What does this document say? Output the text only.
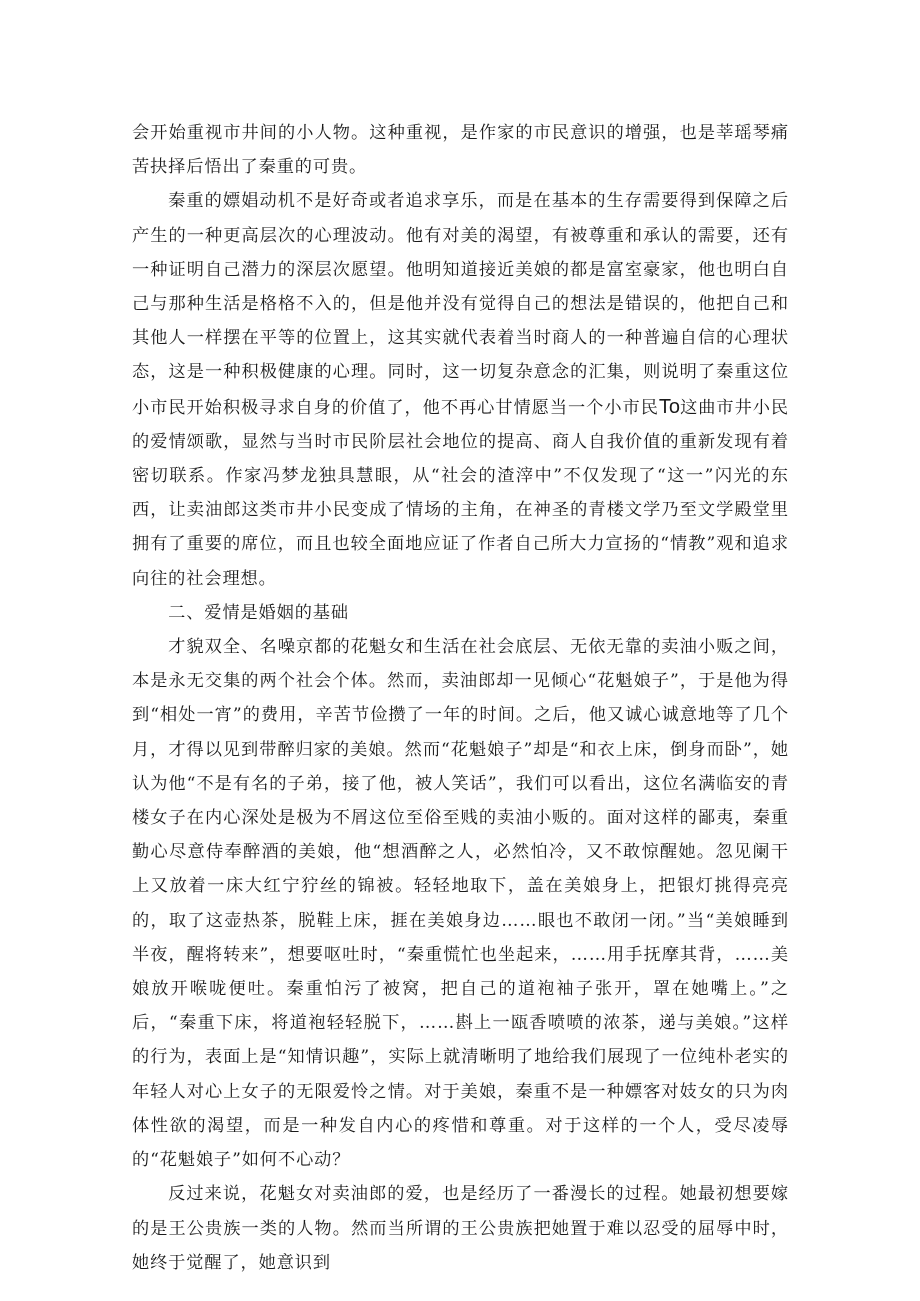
会开始重视市井间的小人物。这种重视，是作家的市民意识的增强，也是莘瑶琴痛苦抉择后悟出了秦重的可贵。

秦重的嫖娼动机不是好奇或者追求享乐，而是在基本的生存需要得到保障之后产生的一种更高层次的心理波动。他有对美的渴望，有被尊重和承认的需要，还有一种证明自己潜力的深层次愿望。他明知道接近美娘的都是富室豪家，他也明白自己与那种生活是格格不入的，但是他并没有觉得自己的想法是错误的，他把自己和其他人一样摆在平等的位置上，这其实就代表着当时商人的一种普遍自信的心理状态，这是一种积极健康的心理。同时，这一切复杂意念的汇集，则说明了秦重这位小市民开始积极寻求自身的价值了，他不再心甘情愿当一个小市民To这曲市井小民的爱情颂歌，显然与当时市民阶层社会地位的提高、商人自我价值的重新发现有着密切联系。作家冯梦龙独具慧眼，从“社会的渣滓中”不仅发现了“这一”闪光的东西，让卖油郎这类市井小民变成了情场的主角，在神圣的青楼文学乃至文学殿堂里拥有了重要的席位，而且也较全面地应证了作者自己所大力宣扬的“情教”观和追求向往的社会理想。

二、爱情是婚姻的基础

才貌双全、名噪京都的花魁女和生活在社会底层、无依无靠的卖油小贩之间，本是永无交集的两个社会个体。然而，卖油郎却一见倾心“花魁娘子”，于是他为得到“相处一宵”的费用，辛苦节俭攒了一年的时间。之后，他又诚心诚意地等了几个月，才得以见到带醉归家的美娘。然而“花魁娘子”却是“和衣上床，倒身而卧”，她认为他“不是有名的子弟，接了他，被人笑话”，我们可以看出，这位名满临安的青楼女子在内心深处是极为不屑这位至俗至贱的卖油小贩的。面对这样的鄙夷，秦重勤心尽意侍奉醉酒的美娘，他“想酒醉之人，必然怕冷，又不敢惊醒她。忽见阑干上又放着一床大红宁狞丝的锦被。轻轻地取下，盖在美娘身上，把银灯挑得亮亮的，取了这壶热茶，脱鞋上床，捱在美娘身边……眼也不敢闭一闭。”当“美娘睡到半夜，醒将转来”，想要呕吐时，“秦重慌忙也坐起来，……用手抚摩其背，……美娘放开喉咙便吐。秦重怕污了被窝，把自己的道袍袖子张开，罩在她嘴上。”之后，“秦重下床，将道袍轻轻脱下，……斟上一瓯香喷喷的浓茶，递与美娘。”这样的行为，表面上是“知情识趣”，实际上就清晰明了地给我们展现了一位纯朴老实的年轻人对心上女子的无限爱怜之情。对于美娘，秦重不是一种嫖客对妓女的只为肉体性欲的渴望，而是一种发自内心的疼惜和尊重。对于这样的一个人，受尽凌辱的“花魁娘子”如何不心动？

反过来说，花魁女对卖油郎的爱，也是经历了一番漫长的过程。她最初想要嫁的是王公贵族一类的人物。然而当所谓的王公贵族把她置于难以忍受的屈辱中时，她终于觉醒了，她意识到
